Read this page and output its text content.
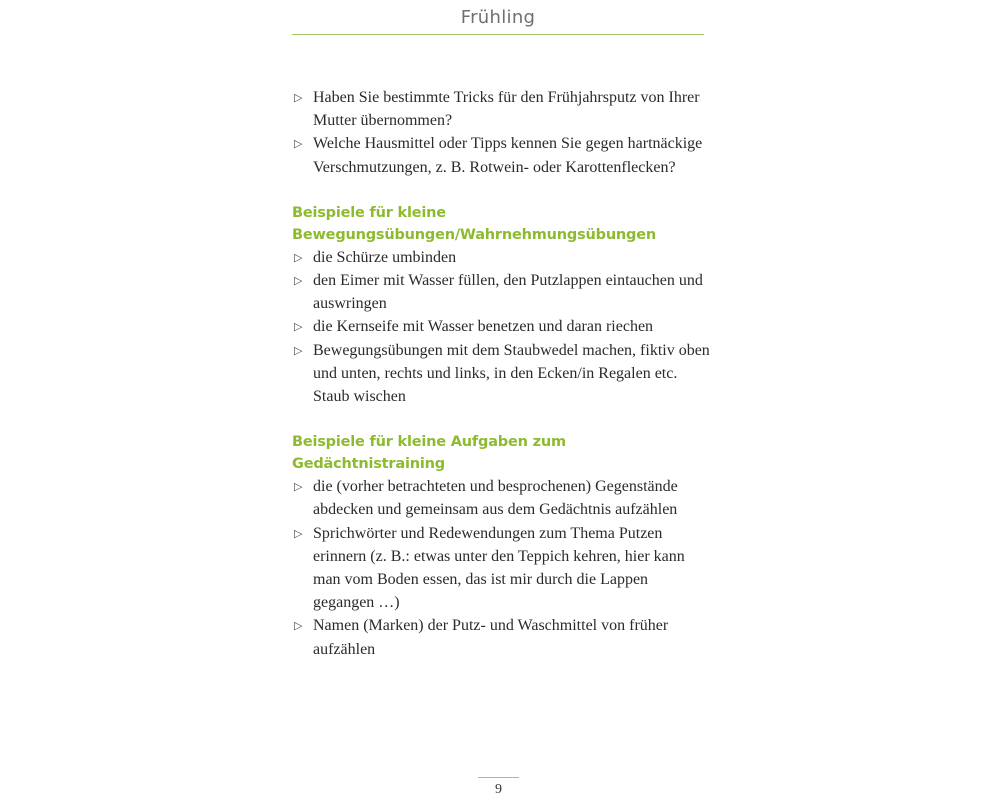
Frühling
▷ Haben Sie bestimmte Tricks für den Frühjahrsputz von Ihrer Mutter übernommen?
▷ Welche Hausmittel oder Tipps kennen Sie gegen hartnäckige Verschmutzungen, z. B. Rotwein- oder Karottenflecken?
Beispiele für kleine Bewegungsübungen/Wahrnehmungsübungen
▷ die Schürze umbinden
▷ den Eimer mit Wasser füllen, den Putzlappen eintauchen und auswringen
▷ die Kernseife mit Wasser benetzen und daran riechen
▷ Bewegungsübungen mit dem Staubwedel machen, fiktiv oben und unten, rechts und links, in den Ecken/in Regalen etc. Staub wischen
Beispiele für kleine Aufgaben zum Gedächtnistraining
▷ die (vorher betrachteten und besprochenen) Gegenstände abdecken und gemeinsam aus dem Gedächtnis aufzählen
▷ Sprichwörter und Redewendungen zum Thema Putzen erinnern (z. B.: etwas unter den Teppich kehren, hier kann man vom Boden essen, das ist mir durch die Lappen gegangen …)
▷ Namen (Marken) der Putz- und Waschmittel von früher aufzählen
9
